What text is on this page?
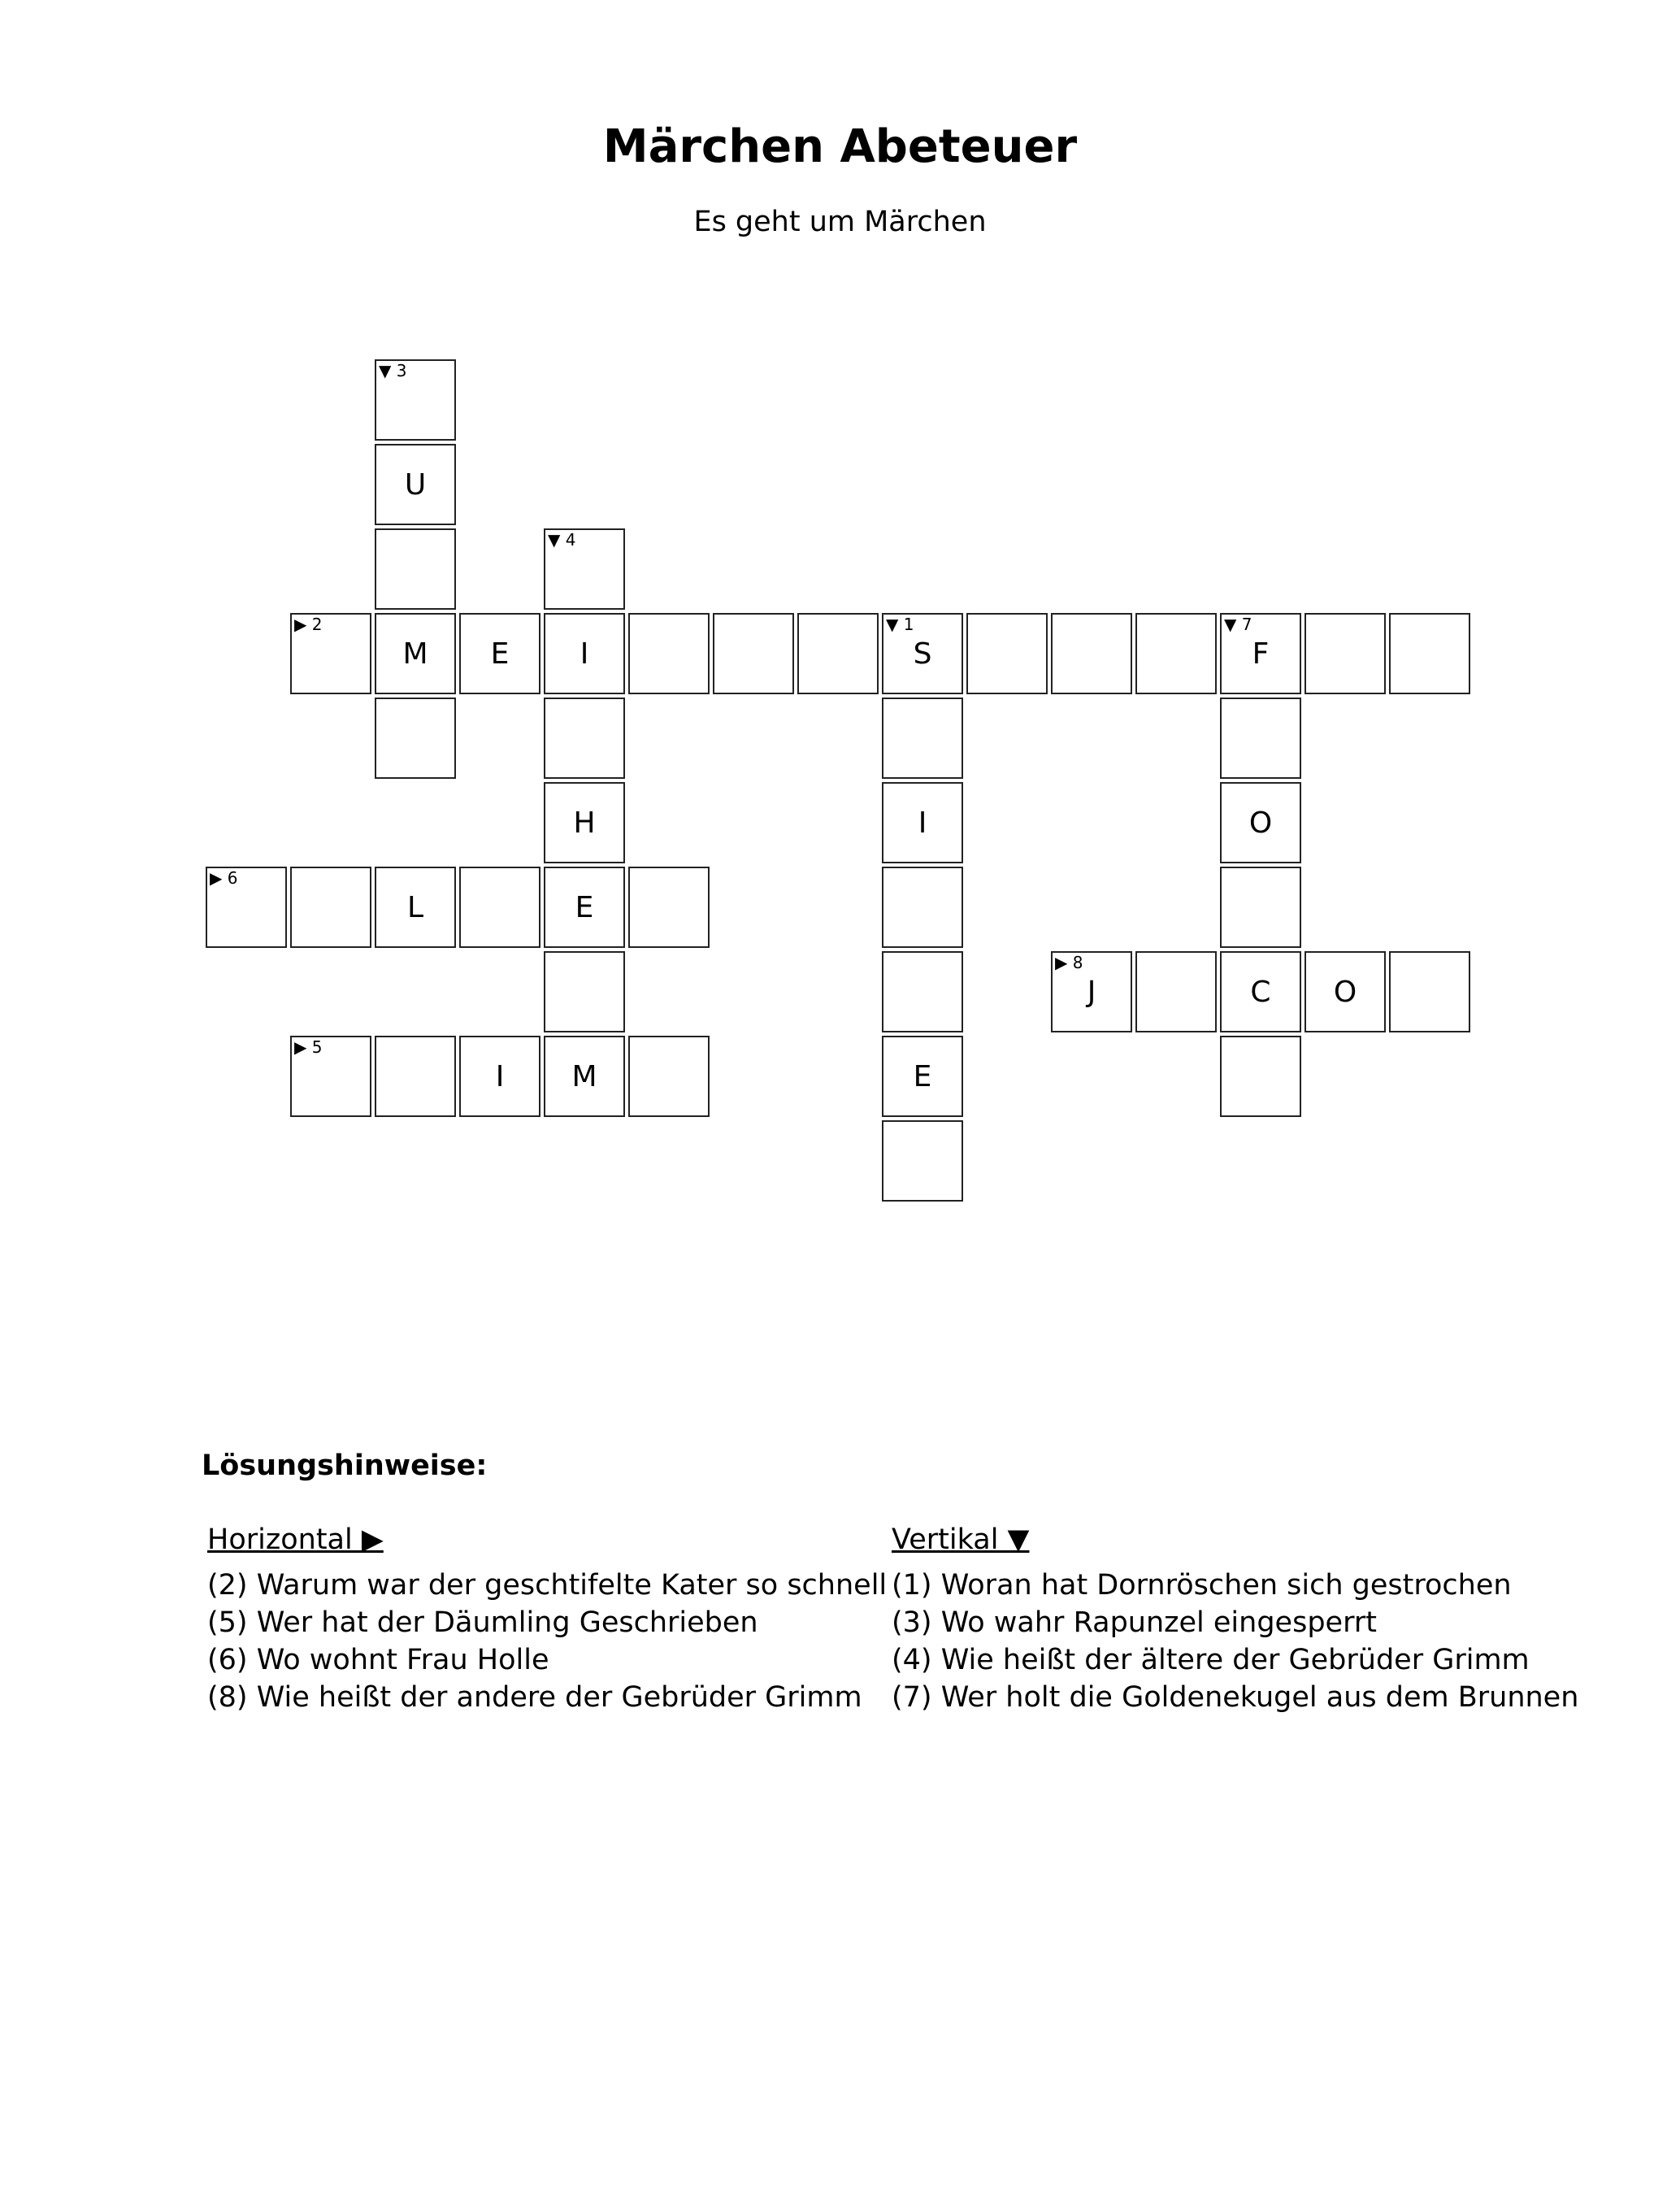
Märchen Abeteuer

Es geht um Märchen

▼ 3
U
▼ 4
▶ 2
M	E	I
▼ 1
S
▼ 7
F
H	I	O
▶ 6
L	E
▶ 8
J	C	O
▶ 5
I	M	E
Lösungshinweise:
Horizontal ▶
(2) Warum war der geschtifelte Kater so schnell
(5) Wer hat der Däumling Geschrieben
(6) Wo wohnt Frau Holle
(8) Wie heißt der andere der Gebrüder Grimm
Vertikal ▼
(1) Woran hat Dornröschen sich gestrochen
(3) Wo wahr Rapunzel eingesperrt
(4) Wie heißt der ältere der Gebrüder Grimm
(7) Wer holt die Goldenekugel aus dem Brunnen
